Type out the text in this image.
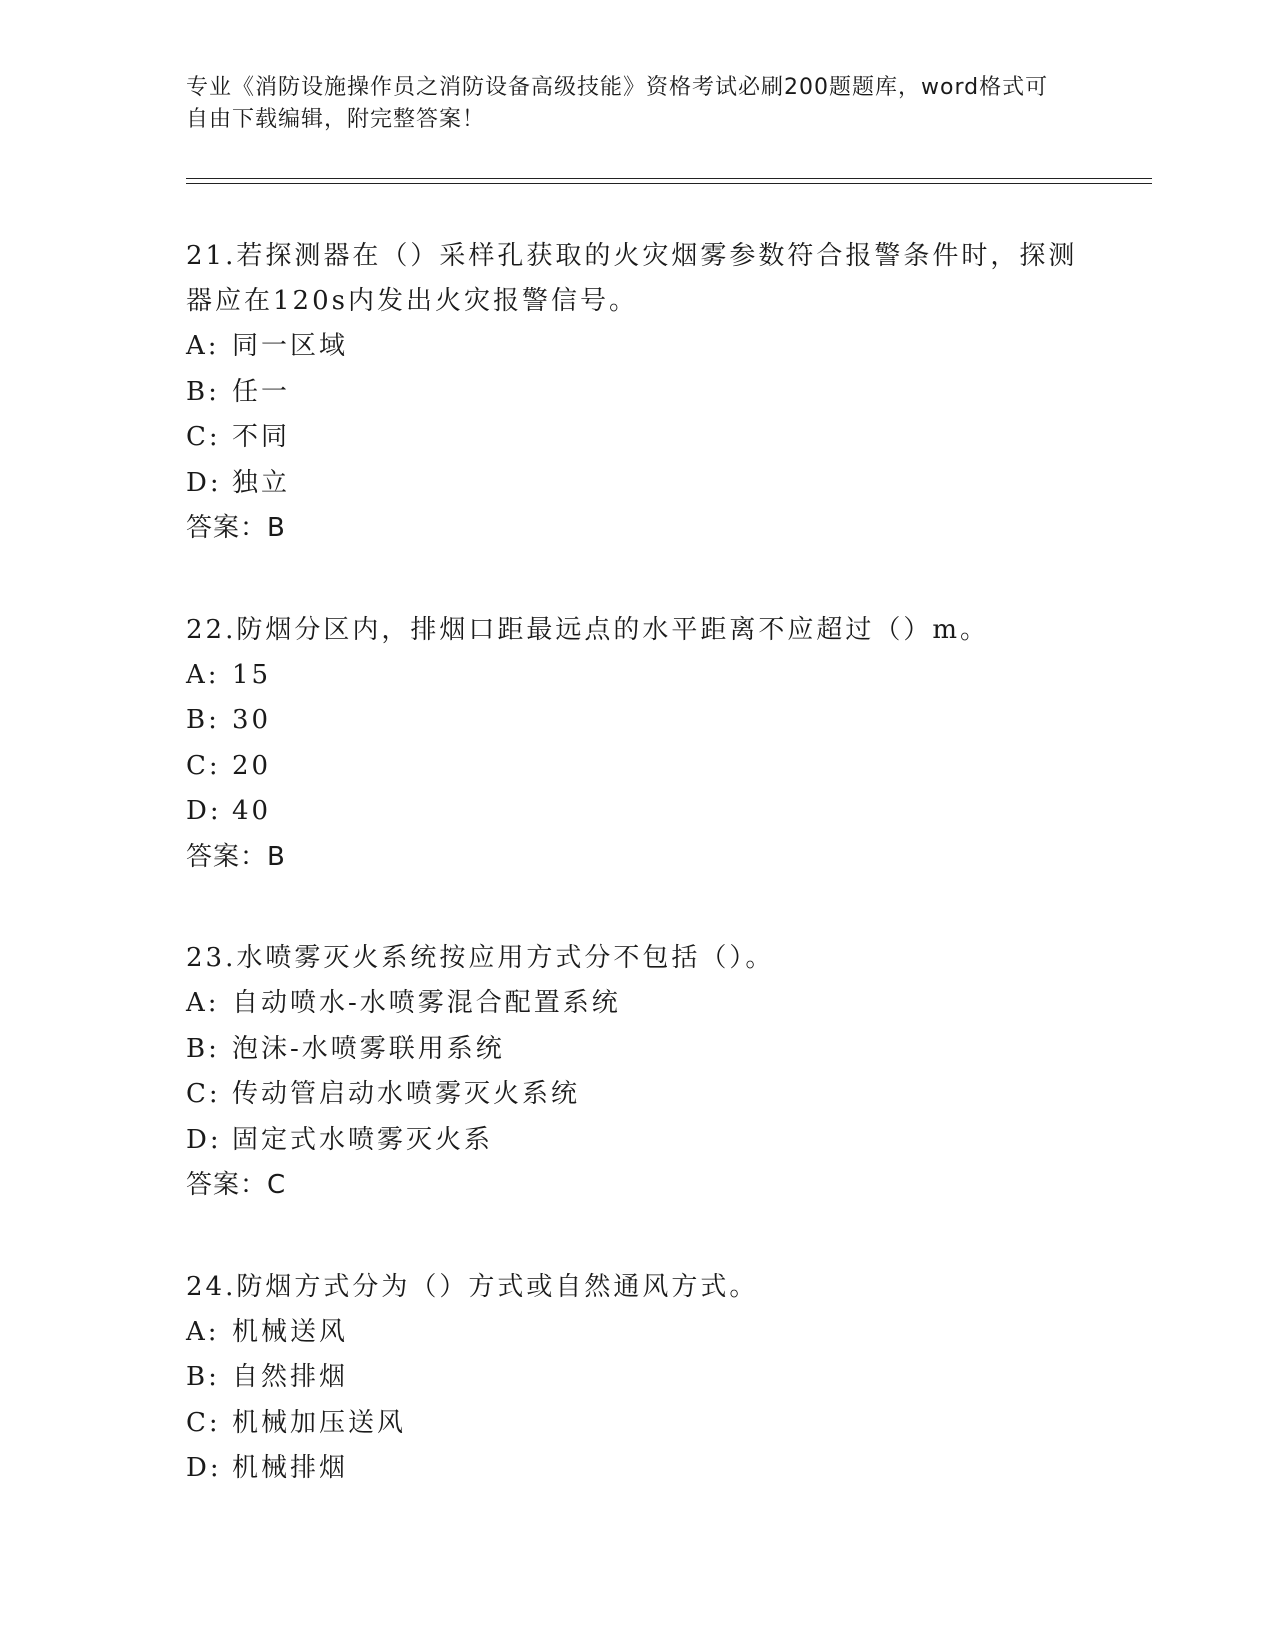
专业《消防设施操作员之消防设备高级技能》资格考试必刷200题题库，word格式可自由下载编辑，附完整答案！

21.若探测器在（）采样孔获取的火灾烟雾参数符合报警条件时，探测器应在120s内发出火灾报警信号。

A: 同一区域

B: 任一

C: 不同

D: 独立

答案：B

22.防烟分区内，排烟口距最远点的水平距离不应超过（）m。

A: 15

B: 30

C: 20

D: 40

答案：B

23.水喷雾灭火系统按应用方式分不包括（）。

A: 自动喷水-水喷雾混合配置系统

B: 泡沫-水喷雾联用系统

C: 传动管启动水喷雾灭火系统

D: 固定式水喷雾灭火系

答案：C

24.防烟方式分为（）方式或自然通风方式。

A: 机械送风

B: 自然排烟

C: 机械加压送风

D: 机械排烟
